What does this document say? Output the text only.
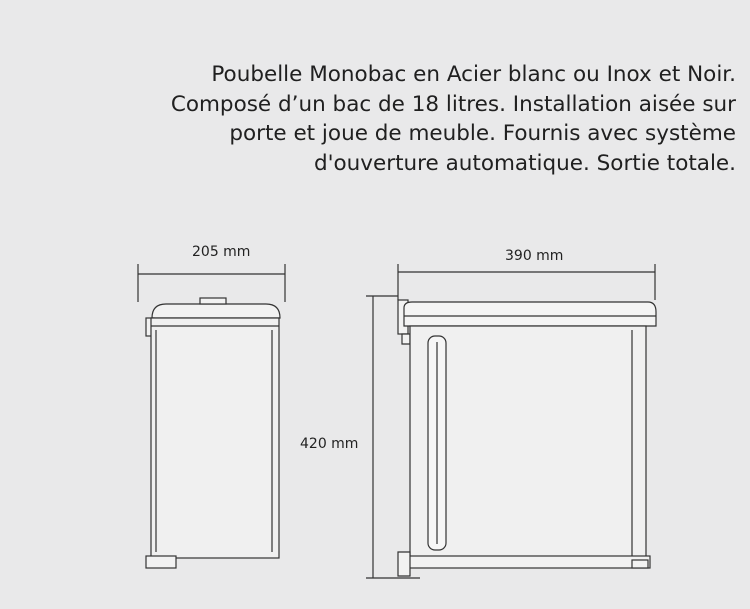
Poubelle Monobac en Acier blanc ou Inox et Noir.
Composé d’un bac de 18 litres. Installation aisée sur
porte et joue de meuble. Fournis avec système
d'ouverture automatique. Sortie totale.
205 mm	390 mm
420 mm
